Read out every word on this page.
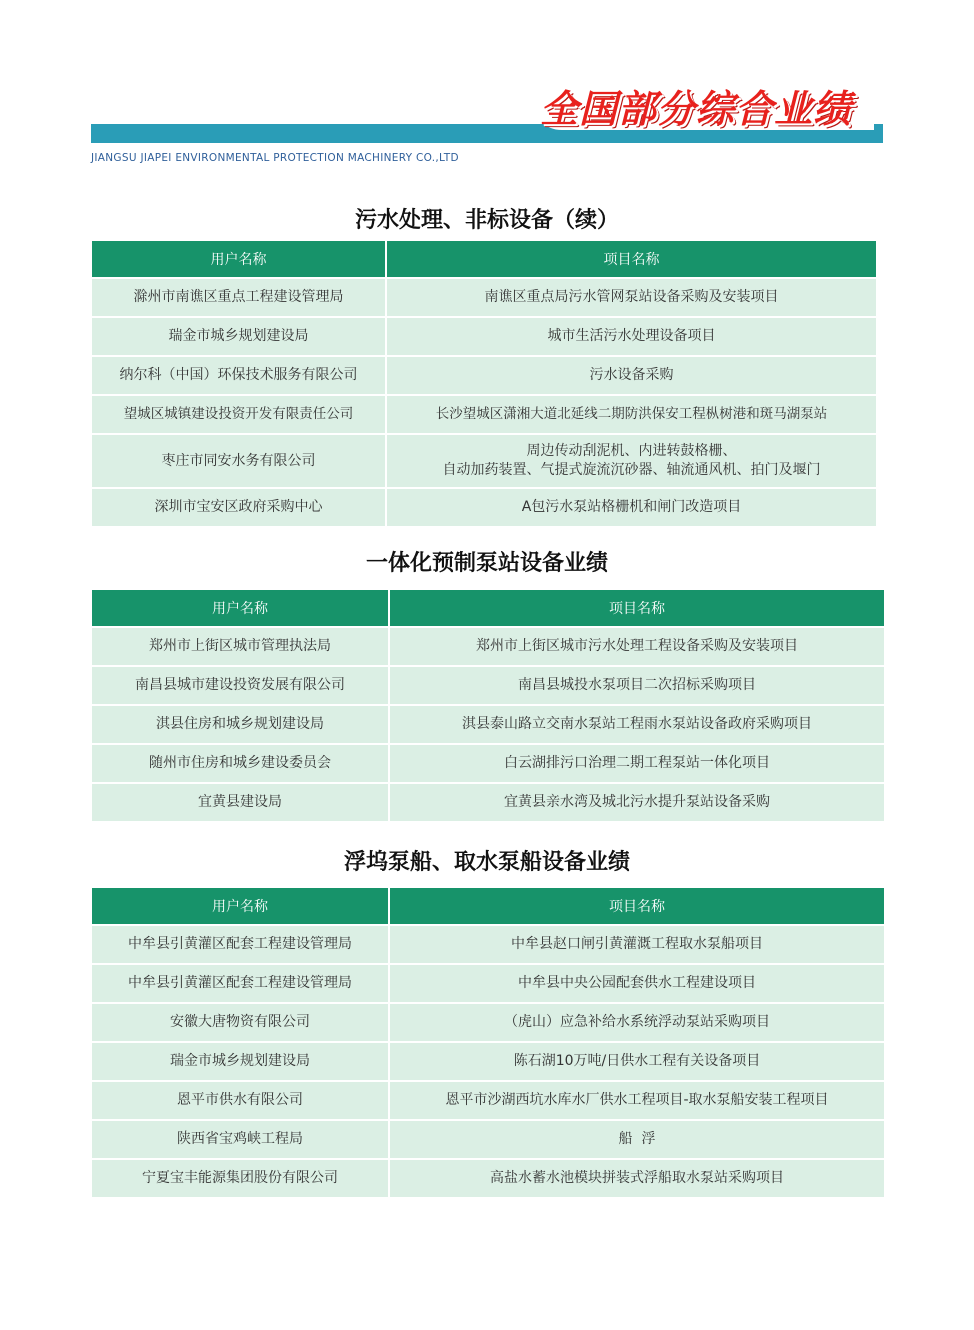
全国部分综合业绩
JIANGSU JIAPEI ENVIRONMENTAL PROTECTION MACHINERY CO.,LTD
污水处理、非标设备（续）
用户名称	项目名称
滁州市南谯区重点工程建设管理局	南谯区重点局污水管网泵站设备采购及安装项目

瑞金市城乡规划建设局	城市生活污水处理设备项目

纳尔科（中国）环保技术服务有限公司	污水设备采购

望城区城镇建设投资开发有限责任公司	长沙望城区潇湘大道北延线二期防洪保安工程枞树港和斑马湖泵站

枣庄市同安水务有限公司	周边传动刮泥机、内进转鼓格栅、
自动加药装置、气提式旋流沉砂器、轴流通风机、拍门及堰门

深圳市宝安区政府采购中心	A包污水泵站格栅机和闸门改造项目
一体化预制泵站设备业绩
用户名称	项目名称
郑州市上街区城市管理执法局	郑州市上街区城市污水处理工程设备采购及安装项目

南昌县城市建设投资发展有限公司	南昌县城投水泵项目二次招标采购项目

淇县住房和城乡规划建设局	淇县泰山路立交南水泵站工程雨水泵站设备政府采购项目

随州市住房和城乡建设委员会	白云湖排污口治理二期工程泵站一体化项目

宜黄县建设局	宜黄县亲水湾及城北污水提升泵站设备采购
浮坞泵船、取水泵船设备业绩
用户名称	项目名称
中牟县引黄灌区配套工程建设管理局	中牟县赵口闸引黄灌溉工程取水泵船项目

中牟县引黄灌区配套工程建设管理局	中牟县中央公园配套供水工程建设项目

安徽大唐物资有限公司	（虎山）应急补给水系统浮动泵站采购项目

瑞金市城乡规划建设局	陈石湖10万吨/日供水工程有关设备项目

恩平市供水有限公司	恩平市沙湖西坑水库水厂供水工程项目-取水泵船安装工程项目

陕西省宝鸡峡工程局	船  浮

宁夏宝丰能源集团股份有限公司	高盐水蓄水池模块拼装式浮船取水泵站采购项目
